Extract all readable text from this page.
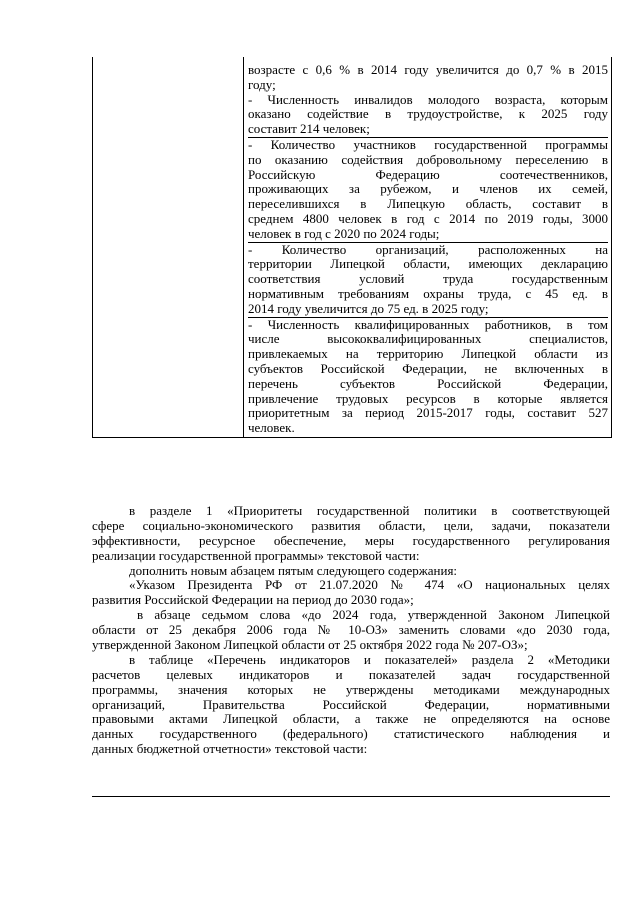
возрасте с 0,6 % в 2014 году увеличится до 0,7 % в 2015
году;
- Численность инвалидов молодого возраста, которым
оказано содействие в трудоустройстве, к 2025 году
составит 214 человек;
- Количество участников государственной программы
по оказанию содействия добровольному переселению в
Российскую Федерацию соотечественников,
проживающих за рубежом, и членов их семей,
переселившихся в Липецкую область, составит в
среднем 4800 человек в год с 2014 по 2019 годы, 3000
человек в год с 2020 по 2024 годы;
- Количество организаций, расположенных на
территории Липецкой области, имеющих декларацию
соответствия условий труда государственным
нормативным требованиям охраны труда, с 45 ед. в
2014 году увеличится до 75 ед. в 2025 году;
- Численность квалифицированных работников, в том
числе высококвалифицированных специалистов,
привлекаемых на территорию Липецкой области из
субъектов Российской Федерации, не включенных в
перечень субъектов Российской Федерации,
привлечение трудовых ресурсов в которые является
приоритетным за период 2015-2017 годы, составит 527
человек.
в разделе 1 «Приоритеты государственной политики в соответствующей
сфере социально-экономического развития области, цели, задачи, показатели
эффективности, ресурсное обеспечение, меры государственного регулирования
реализации государственной программы» текстовой части:
дополнить новым абзацем пятым следующего содержания:
«Указом Президента РФ от 21.07.2020 № 474 «О национальных целях
развития Российской Федерации на период до 2030 года»;
в абзаце седьмом слова «до 2024 года, утвержденной Законом Липецкой
области от 25 декабря 2006 года № 10-ОЗ» заменить словами «до 2030 года,
утвержденной Законом Липецкой области от 25 октября 2022 года № 207-ОЗ»;
в таблице «Перечень индикаторов и показателей» раздела 2 «Методики
расчетов целевых индикаторов и показателей задач государственной
программы, значения которых не утверждены методиками международных
организаций, Правительства Российской Федерации, нормативными
правовыми актами Липецкой области, а также не определяются на основе
данных государственного (федерального) статистического наблюдения и
данных бюджетной отчетности» текстовой части:
